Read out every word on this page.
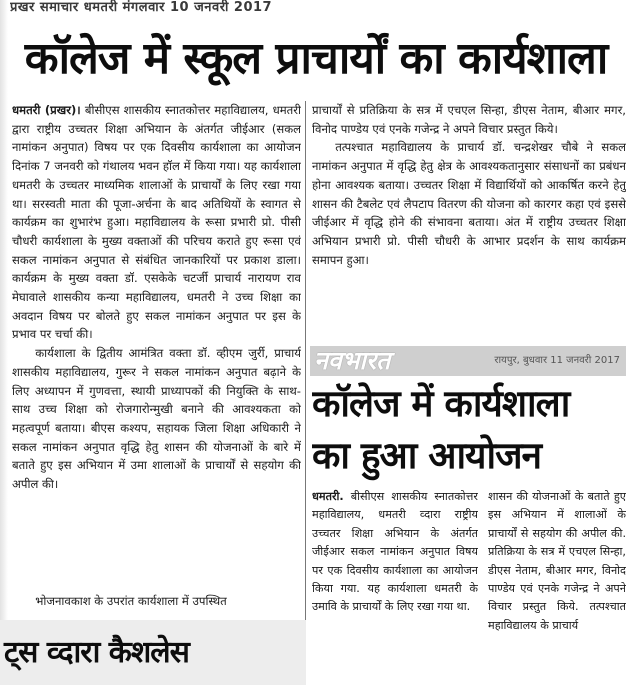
प्रखर समाचार धमतरी मंगलवार 10 जनवरी 2017
कॉलेज में स्कूल प्राचार्यों का कार्यशाला

धमतरी (प्रखर)। बीसीएस शासकीय स्नातकोत्तर महाविद्यालय, धमतरी द्वारा राष्ट्रीय उच्चतर शिक्षा अभियान के अंतर्गत जीईआर (सकल नामांकन अनुपात) विषय पर एक दिवसीय कार्यशाला का आयोजन दिनांक 7 जनवरी को गंथालय भवन हॉल में किया गया। यह कार्यशाला धमतरी के उच्चतर माध्यमिक शालाओं के प्राचार्यों के लिए रखा गया था। सरस्वती माता की पूजा-अर्चना के बाद अतिथियों के स्वागत से कार्यक्रम का शुभारंभ हुआ। महाविद्यालय के रूसा प्रभारी प्रो. पीसी चौधरी कार्यशाला के मुख्य वक्ताओं की परिचय कराते हुए रूसा एवं सकल नामांकन अनुपात से संबंधित जानकारियों पर प्रकाश डाला। कार्यक्रम के मुख्य वक्ता डॉ. एसकेके चटर्जी प्राचार्य नारायण राव मेघावाले शासकीय कन्या महाविद्यालय, धमतरी ने उच्च शिक्षा का अवदान विषय पर बोलते हुए सकल नामांकन अनुपात पर इस के प्रभाव पर चर्चा की।

कार्यशाला के द्वितीय आमंत्रित वक्ता डॉ. व्हीएम जुर्री, प्राचार्य शासकीय महाविद्यालय, गुरूर ने सकल नामांकन अनुपात बढ़ाने के लिए अध्यापन में गुणवत्ता, स्थायी प्राध्यापकों की नियुक्ति के साथ-साथ उच्च शिक्षा को रोजगारोन्मुखी बनाने की आवश्यकता को महत्वपूर्ण बताया। बीएस कश्यप, सहायक जिला शिक्षा अधिकारी ने सकल नामांकन अनुपात वृद्धि हेतु शासन की योजनाओं के बारे में बताते हुए इस अभियान में उमा शालाओं के प्राचार्यों से सहयोग की अपील की।

भोजनावकाश के उपरांत कार्यशाला में उपस्थित

प्राचार्यों से प्रतिक्रिया के सत्र में एचएल सिन्हा, डीएस नेताम, बीआर मगर, विनोद पाण्डेय एवं एनके गजेन्द्र ने अपने विचार प्रस्तुत किये।

तत्पश्चात महाविद्यालय के प्राचार्य डॉ. चन्द्रशेखर चौबे ने सकल नामांकन अनुपात में वृद्धि हेतु क्षेत्र के आवश्यकतानुसार संसाधनों का प्रबंधन होना आवश्यक बताया। उच्चतर शिक्षा में विद्यार्थियों को आकर्षित करने हेतु शासन की टैबलेट एवं लैपटाप वितरण की योजना को कारगर कहा एवं इससे जीईआर में वृद्धि होने की संभावना बताया। अंत में राष्ट्रीय उच्चतर शिक्षा अभियान प्रभारी प्रो. पीसी चौधरी के आभार प्रदर्शन के साथ कार्यक्रम समापन हुआ।

नवभारत	रायपुर, बुधवार 11 जनवरी 2017
कॉलेज में कार्यशाला
का हुआ आयोजन

धमतरी. बीसीएस शासकीय स्नातकोत्तर महाविद्यालय, धमतरी व्दारा राष्ट्रीय उच्चतर शिक्षा अभियान के अंतर्गत जीईआर सकल नामांकन अनुपात विषय पर एक दिवसीय कार्यशाला का आयोजन किया गया. यह कार्यशाला धमतरी के उमावि के प्राचार्यों के लिए रखा गया था.

शासन की योजनाओं के बताते हुए इस अभियान में शालाओं के प्राचार्यों से सहयोग की अपील की. प्रतिक्रिया के सत्र में एचएल सिन्हा, डीएस नेताम, बीआर मगर, विनोद पाण्डेय एवं एनके गजेन्द्र ने अपने विचार प्रस्तुत किये. तत्पश्चात महाविद्यालय के प्राचार्य

ट्स व्दारा कैशलेस
